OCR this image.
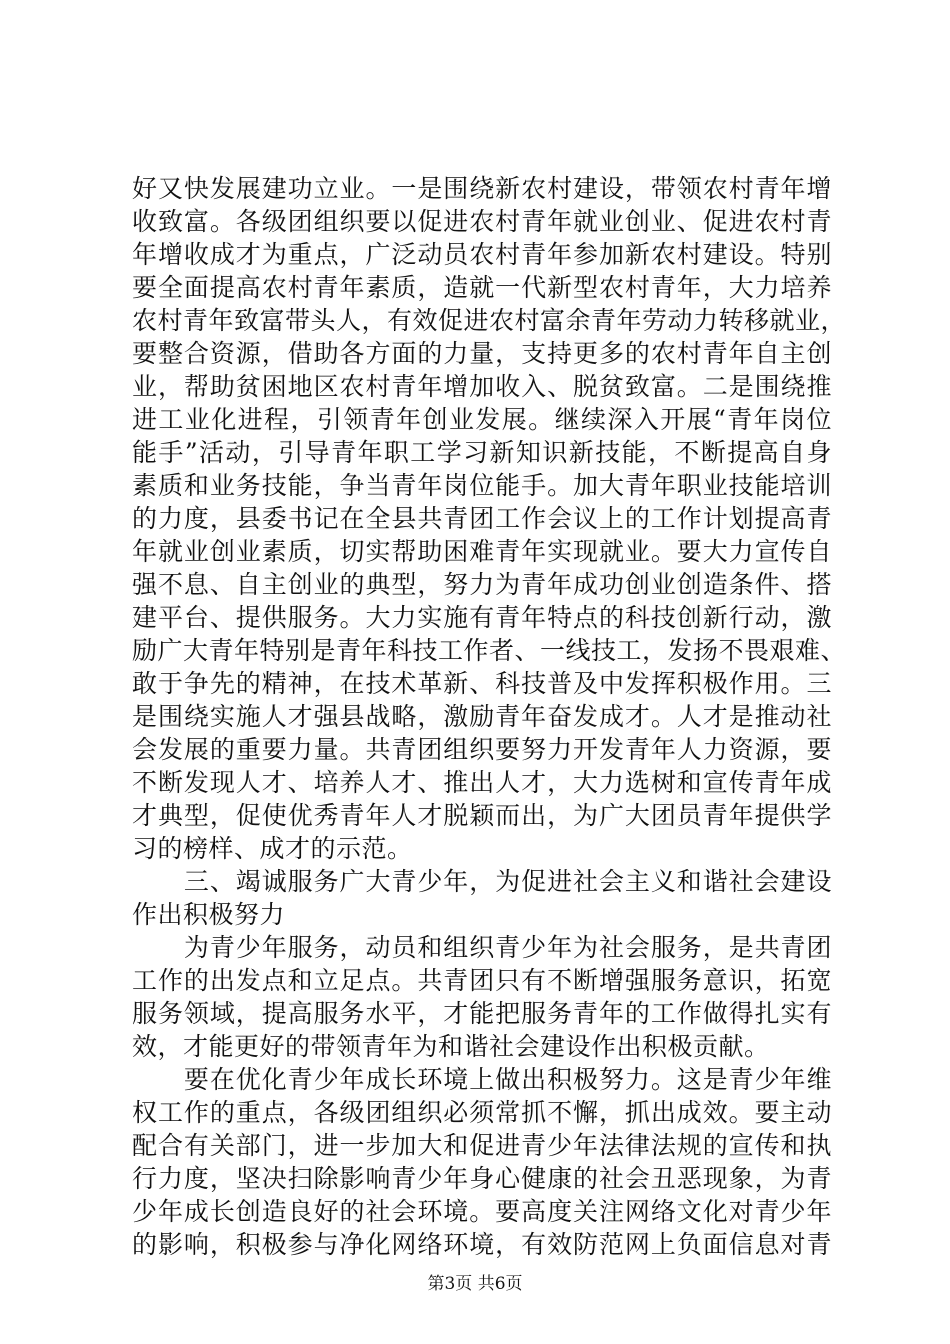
好又快发展建功立业。一是围绕新农村建设，带领农村青年增
收致富。各级团组织要以促进农村青年就业创业、促进农村青
年增收成才为重点，广泛动员农村青年参加新农村建设。特别
要全面提高农村青年素质，造就一代新型农村青年，大力培养
农村青年致富带头人，有效促进农村富余青年劳动力转移就业，
要整合资源，借助各方面的力量，支持更多的农村青年自主创
业，帮助贫困地区农村青年增加收入、脱贫致富。二是围绕推
进工业化进程，引领青年创业发展。继续深入开展“青年岗位
能手”活动，引导青年职工学习新知识新技能，不断提高自身
素质和业务技能，争当青年岗位能手。加大青年职业技能培训
的力度，县委书记在全县共青团工作会议上的工作计划提高青
年就业创业素质，切实帮助困难青年实现就业。要大力宣传自
强不息、自主创业的典型，努力为青年成功创业创造条件、搭
建平台、提供服务。大力实施有青年特点的科技创新行动，激
励广大青年特别是青年科技工作者、一线技工，发扬不畏艰难、
敢于争先的精神，在技术革新、科技普及中发挥积极作用。三
是围绕实施人才强县战略，激励青年奋发成才。人才是推动社
会发展的重要力量。共青团组织要努力开发青年人力资源，要
不断发现人才、培养人才、推出人才，大力选树和宣传青年成
才典型，促使优秀青年人才脱颖而出，为广大团员青年提供学
习的榜样、成才的示范。
　　三、竭诚服务广大青少年，为促进社会主义和谐社会建设
作出积极努力
　　为青少年服务，动员和组织青少年为社会服务，是共青团
工作的出发点和立足点。共青团只有不断增强服务意识，拓宽
服务领域，提高服务水平，才能把服务青年的工作做得扎实有
效，才能更好的带领青年为和谐社会建设作出积极贡献。
　　要在优化青少年成长环境上做出积极努力。这是青少年维
权工作的重点，各级团组织必须常抓不懈，抓出成效。要主动
配合有关部门，进一步加大和促进青少年法律法规的宣传和执
行力度，坚决扫除影响青少年身心健康的社会丑恶现象，为青
少年成长创造良好的社会环境。要高度关注网络文化对青少年
的影响，积极参与净化网络环境，有效防范网上负面信息对青
第3页 共6页
